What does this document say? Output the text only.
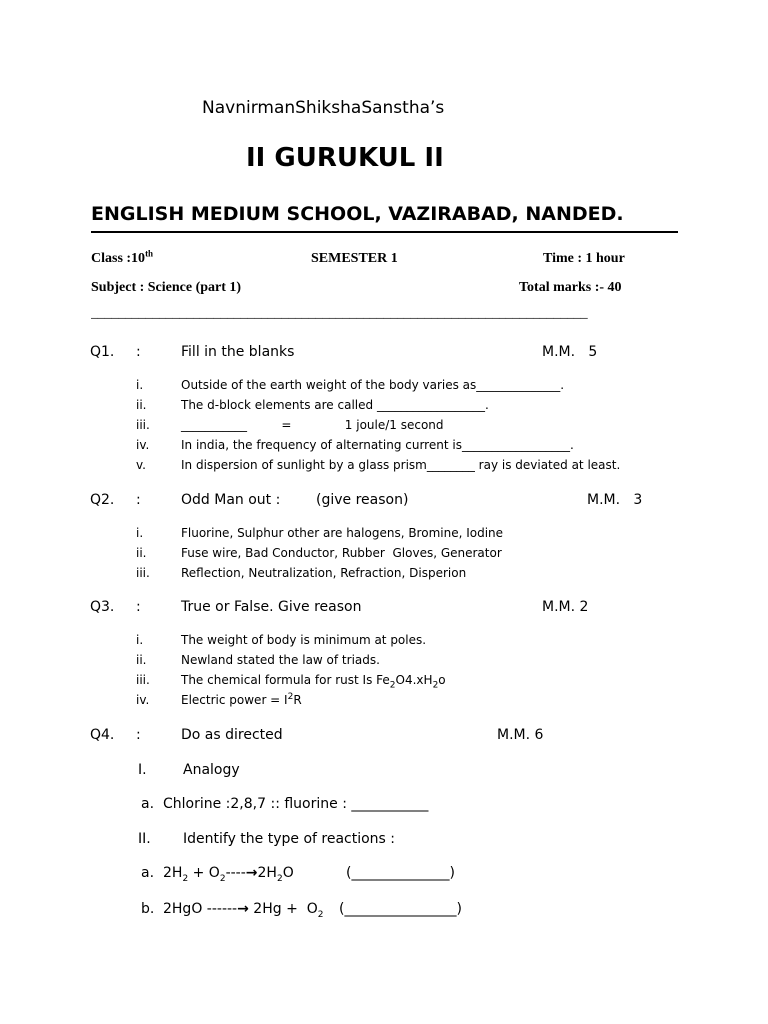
NavnirmanShikshaSanstha’s
II GURUKUL II
ENGLISH MEDIUM SCHOOL, VAZIRABAD, NANDED.
Class :10th	SEMESTER 1	Time : 1 hour
Subject : Science (part 1)	Total marks :- 40
_________________________________________________________________________
Q1. :	Fill in the blanks	M.M.   5
i.	Outside of the earth weight of the body varies as______________.
ii.	The d-block elements are called __________________.
iii.	___________         =              1 joule/1 second
iv.	In india, the frequency of alternating current is__________________.
v.	In dispersion of sunlight by a glass prism________ ray is deviated at least.
Q2. :	Odd Man out :	(give reason)	M.M.   3
i.	Fluorine, Sulphur other are halogens, Bromine, Iodine
ii.	Fuse wire, Bad Conductor, Rubber  Gloves, Generator
iii.	Reflection, Neutralization, Refraction, Disperion
Q3. :	True or False. Give reason	M.M. 2
i.	The weight of body is minimum at poles.
ii.	Newland stated the law of triads.
iii.	The chemical formula for rust Is $Fe_2O4.xH_2o$
iv.	Electric power = $I^2R$
Q4. :	Do as directed	M.M. 6
I.	Analogy
a. Chlorine :2,8,7 :: fluorine : ___________
II. Identify the type of reactions :
a. $2H_2 + O_2----\to 2H_2O$	(______________)
b. 2HgO ------→ $2Hg + O_2$ (________________)
